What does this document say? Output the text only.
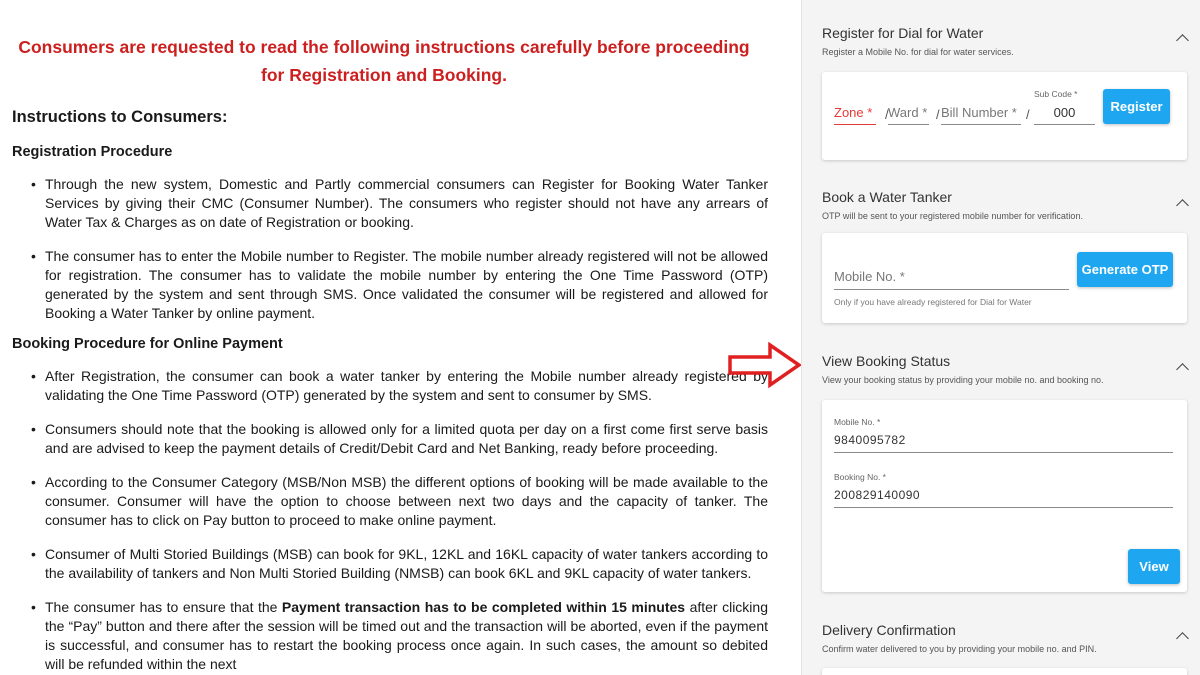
Consumers are requested to read the following instructions carefully before proceeding for Registration and Booking.
Instructions to Consumers:
Registration Procedure
• Through the new system, Domestic and Partly commercial consumers can Register for Booking Water Tanker Services by giving their CMC (Consumer Number). The consumers who register should not have any arrears of Water Tax & Charges as on date of Registration or booking.
• The consumer has to enter the Mobile number to Register. The mobile number already registered will not be allowed for registration. The consumer has to validate the mobile number by entering the One Time Password (OTP) generated by the system and sent through SMS. Once validated the consumer will be registered and allowed for Booking a Water Tanker by online payment.
Booking Procedure for Online Payment
• After Registration, the consumer can book a water tanker by entering the Mobile number already registered by validating the One Time Password (OTP) generated by the system and sent to consumer by SMS.
• Consumers should note that the booking is allowed only for a limited quota per day on a first come first serve basis and are advised to keep the payment details of Credit/Debit Card and Net Banking, ready before proceeding.
• According to the Consumer Category (MSB/Non MSB) the different options of booking will be made available to the consumer. Consumer will have the option to choose between next two days and the capacity of tanker. The consumer has to click on Pay button to proceed to make online payment.
• Consumer of Multi Storied Buildings (MSB) can book for 9KL, 12KL and 16KL capacity of water tankers according to the availability of tankers and Non Multi Storied Building (NMSB) can book 6KL and 9KL capacity of water tankers.
• The consumer has to ensure that the Payment transaction has to be completed within 15 minutes after clicking the “Pay” button and there after the session will be timed out and the transaction will be aborted, even if the payment is successful, and consumer has to restart the booking process once again. In such cases, the amount so debited will be refunded within the next
Register for Dial for Water
Register a Mobile No. for dial for water services.
Zone * / Ward * / Bill Number * /
Sub Code *
000	Register
Book a Water Tanker
OTP will be sent to your registered mobile number for verification.
Mobile No. *
Only if you have already registered for Dial for Water
Generate OTP
View Booking Status
View your booking status by providing your mobile no. and booking no.
Mobile No. *
9840095782
Booking No. *
200829140090
View
Delivery Confirmation
Confirm water delivered to you by providing your mobile no. and PIN.
